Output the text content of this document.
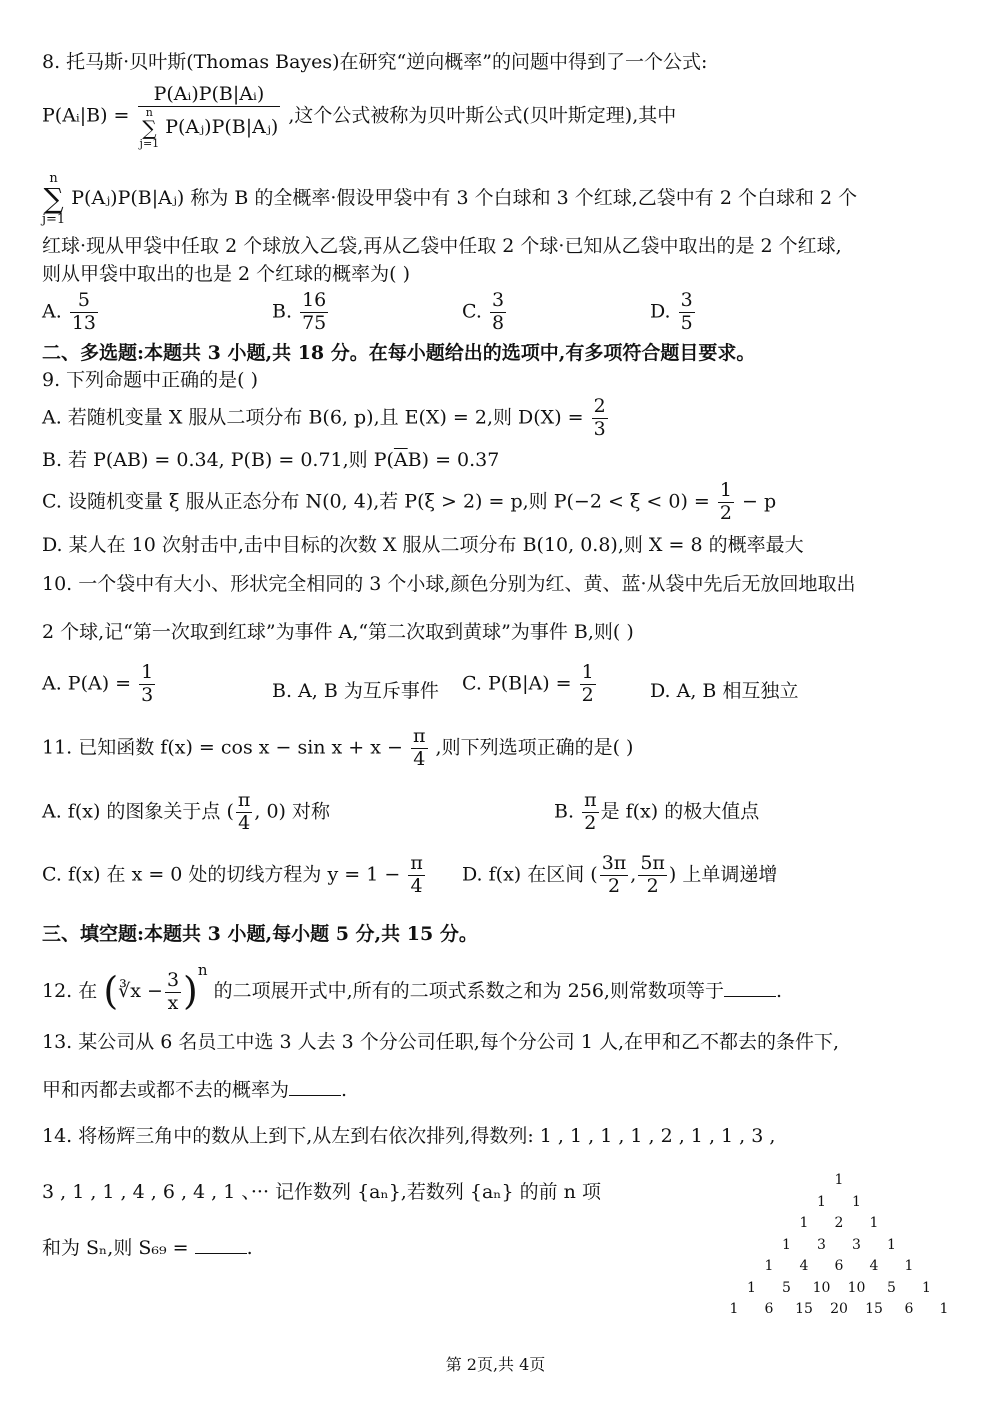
8. 托马斯·贝叶斯(Thomas Bayes)在研究“逆向概率”的问题中得到了一个公式:
P(Aᵢ|B) = P(Aᵢ)P(B|Aᵢ)
n
∑
j=1 P(Aⱼ)P(B|Aⱼ) ,这个公式被称为贝叶斯公式(贝叶斯定理),其中
n
∑
j=1 P(Aⱼ)P(B|Aⱼ) 称为 B 的全概率·假设甲袋中有 3 个白球和 3 个红球,乙袋中有 2 个白球和 2 个
红球·现从甲袋中任取 2 个球放入乙袋,再从乙袋中任取 2 个球·已知从乙袋中取出的是 2 个红球,
则从甲袋中取出的也是 2 个红球的概率为( )
A. $\frac{5}{13}$	B. $\frac{16}{75}$	C. $\frac{3}{8}$	D. $\frac{3}{5}$
二、多选题:本题共 3 小题,共 18 分。在每小题给出的选项中,有多项符合题目要求。
9. 下列命题中正确的是( )
A. 若随机变量 X 服从二项分布 B(6, p),且 E(X) = 2,则 $D(X) = \frac{2}{3}$
B. 若 P(AB) = 0.34, P(B) = 0.71,则 $P(\overline{A}B) = 0.37$
C. 设随机变量 ξ 服从正态分布 N(0, 4),若 P(ξ > 2) = p,则 $P(-2 < \xi < 0) = \frac{1}{2} - p$
D. 某人在 10 次射击中,击中目标的次数 X 服从二项分布 B(10, 0.8),则 X = 8 的概率最大
10. 一个袋中有大小、形状完全相同的 3 个小球,颜色分别为红、黄、蓝·从袋中先后无放回地取出
2 个球,记“第一次取到红球”为事件 A,“第二次取到黄球”为事件 B,则( )
A. $P(A) = \frac{1}{3}$	B. A, B 为互斥事件 C. $P(B|A) = \frac{1}{2}$	D. A, B 相互独立
11. 已知函数 $f(x) = \cos x - \sin x + x - \frac{\pi}{4}$ ,则下列选项正确的是( )
A. f(x) 的图象关于点 ( $\frac{\pi}{4}$ , 0) 对称	B. $\frac{\pi}{2}$ 是 f(x) 的极大值点
C. f(x) 在 x = 0 处的切线方程为 $y = 1 - \frac{\pi}{4} D$. f(x) 在区间 ( $\frac{3\pi}{2}$ , $\frac{5\pi}{2}$ ) 上单调递增
三、填空题:本题共 3 小题,每小题 5 分,共 15 分。
12. 在 (∛x − $\frac{3}{x} )^n$ 的二项展开式中,所有的二项式系数之和为 256,则常数项等于	.
13. 某公司从 6 名员工中选 3 人去 3 个分公司任职,每个分公司 1 人,在甲和乙不都去的条件下,
甲和丙都去或都不去的概率为	.
14. 将杨辉三角中的数从上到下,从左到右依次排列,得数列: 1 , 1 , 1 , 1 , 2 , 1 , 1 , 3 ,
3 , 1 , 1 , 4 , 6 , 4 , 1 、··· 记作数列 {aₙ},若数列 {aₙ} 的前 n 项
和为 Sₙ,则 S₆₉ =	.
1
1	1
1	2	1
1	3	3	1
1	4	6	4	1
1	5	10	10	5	1
1	6	15	20	15	6	1
第 2页,共 4页
